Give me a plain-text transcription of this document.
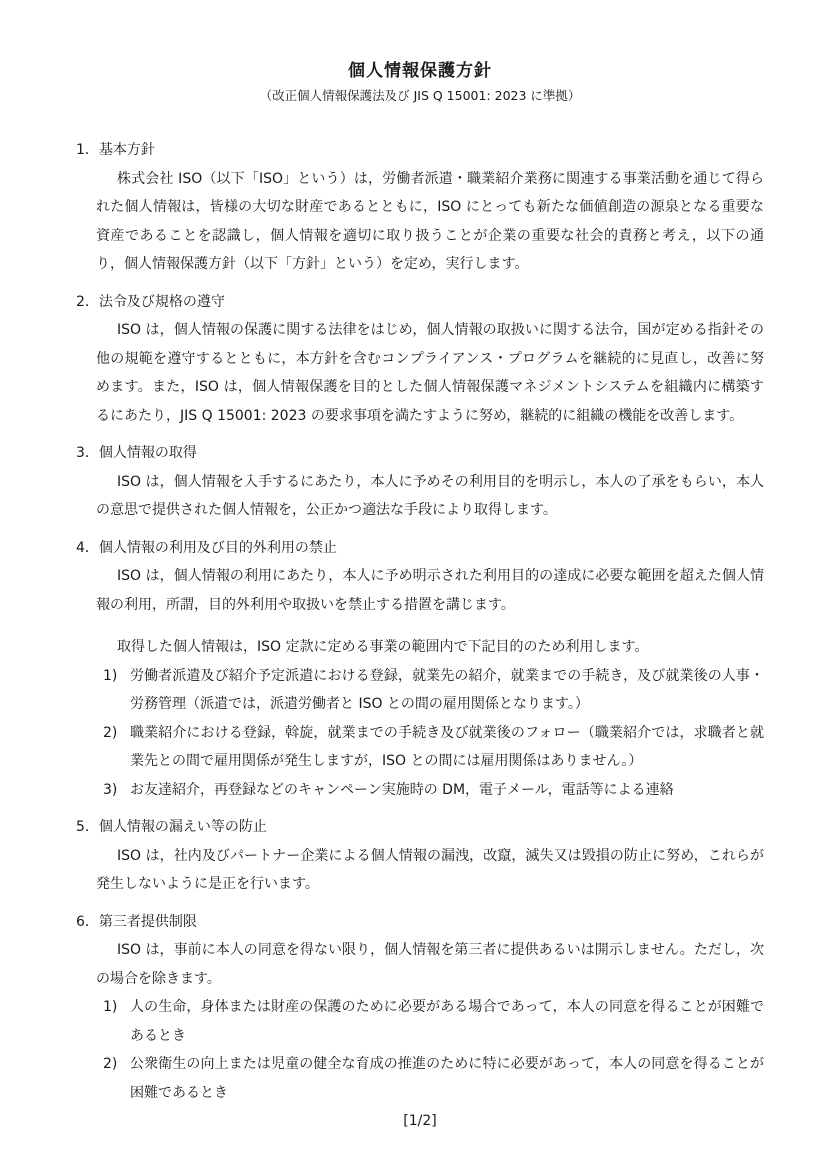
個人情報保護方針
（改正個人情報保護法及び JIS Q 15001: 2023 に準拠）
1．基本方針

株式会社 ISO（以下「ISO」という）は，労働者派遣・職業紹介業務に関連する事業活動を通じて得られた個人情報は，皆様の大切な財産であるとともに，ISO にとっても新たな価値創造の源泉となる重要な資産であることを認識し，個人情報を適切に取り扱うことが企業の重要な社会的責務と考え，以下の通り，個人情報保護方針（以下「方針」という）を定め，実行します。

2．法令及び規格の遵守

ISO は，個人情報の保護に関する法律をはじめ，個人情報の取扱いに関する法令，国が定める指針その他の規範を遵守するとともに，本方針を含むコンプライアンス・プログラムを継続的に見直し，改善に努めます。また，ISO は，個人情報保護を目的とした個人情報保護マネジメントシステムを組織内に構築するにあたり，JIS Q 15001: 2023 の要求事項を満たすように努め，継続的に組織の機能を改善します。

3．個人情報の取得

ISO は，個人情報を入手するにあたり，本人に予めその利用目的を明示し，本人の了承をもらい，本人の意思で提供された個人情報を，公正かつ適法な手段により取得します。

4．個人情報の利用及び目的外利用の禁止

ISO は，個人情報の利用にあたり，本人に予め明示された利用目的の達成に必要な範囲を超えた個人情報の利用，所謂，目的外利用や取扱いを禁止する措置を講じます。

取得した個人情報は，ISO 定款に定める事業の範囲内で下記目的のため利用します。

1) 労働者派遣及び紹介予定派遣における登録，就業先の紹介，就業までの手続き，及び就業後の人事・労務管理（派遣では，派遣労働者と ISO との間の雇用関係となります。）

2) 職業紹介における登録，斡旋，就業までの手続き及び就業後のフォロー（職業紹介では，求職者と就業先との間で雇用関係が発生しますが，ISO との間には雇用関係はありません。）

3) お友達紹介，再登録などのキャンペーン実施時の DM，電子メール，電話等による連絡

5．個人情報の漏えい等の防止

ISO は，社内及びパートナー企業による個人情報の漏洩，改竄，滅失又は毀損の防止に努め，これらが発生しないように是正を行います。

6．第三者提供制限

ISO は，事前に本人の同意を得ない限り，個人情報を第三者に提供あるいは開示しません。ただし，次の場合を除きます。

1) 人の生命，身体または財産の保護のために必要がある場合であって，本人の同意を得ることが困難であるとき

2) 公衆衛生の向上または児童の健全な育成の推進のために特に必要があって，本人の同意を得ることが困難であるとき

[1/2]
